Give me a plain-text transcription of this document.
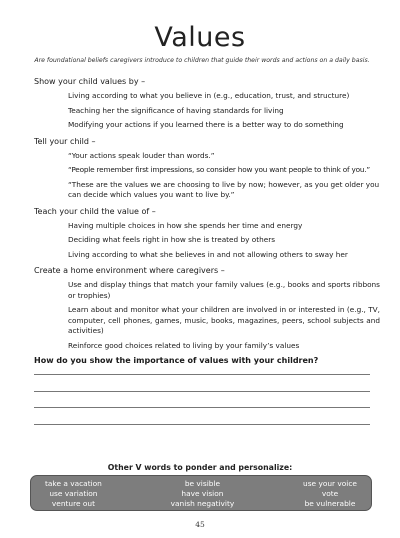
Values
Are foundational beliefs caregivers introduce to children that guide their words and actions on a daily basis.
Show your child values by –
Living according to what you believe in (e.g., education, trust, and structure)
Teaching her the significance of having standards for living
Modifying your actions if you learned there is a better way to do something
Tell your child –
“Your actions speak louder than words.”
“People remember first impressions, so consider how you want people to think of you.”
“These are the values we are choosing to live by now; however, as you get older you can decide which values you want to live by.”
Teach your child the value of –
Having multiple choices in how she spends her time and energy
Deciding what feels right in how she is treated by others
Living according to what she believes in and not allowing others to sway her
Create a home environment where caregivers –
Use and display things that match your family values (e.g., books and sports ribbons or trophies)
Learn about and monitor what your children are involved in or interested in (e.g., TV, computer, cell phones, games, music, books, magazines, peers, school subjects and activities)
Reinforce good choices related to living by your family’s values
How do you show the importance of values with your children?
Other V words to ponder and personalize:
take a vacation
use variation
venture out
be visible
have vision
vanish negativity
use your voice
vote
be vulnerable
45
